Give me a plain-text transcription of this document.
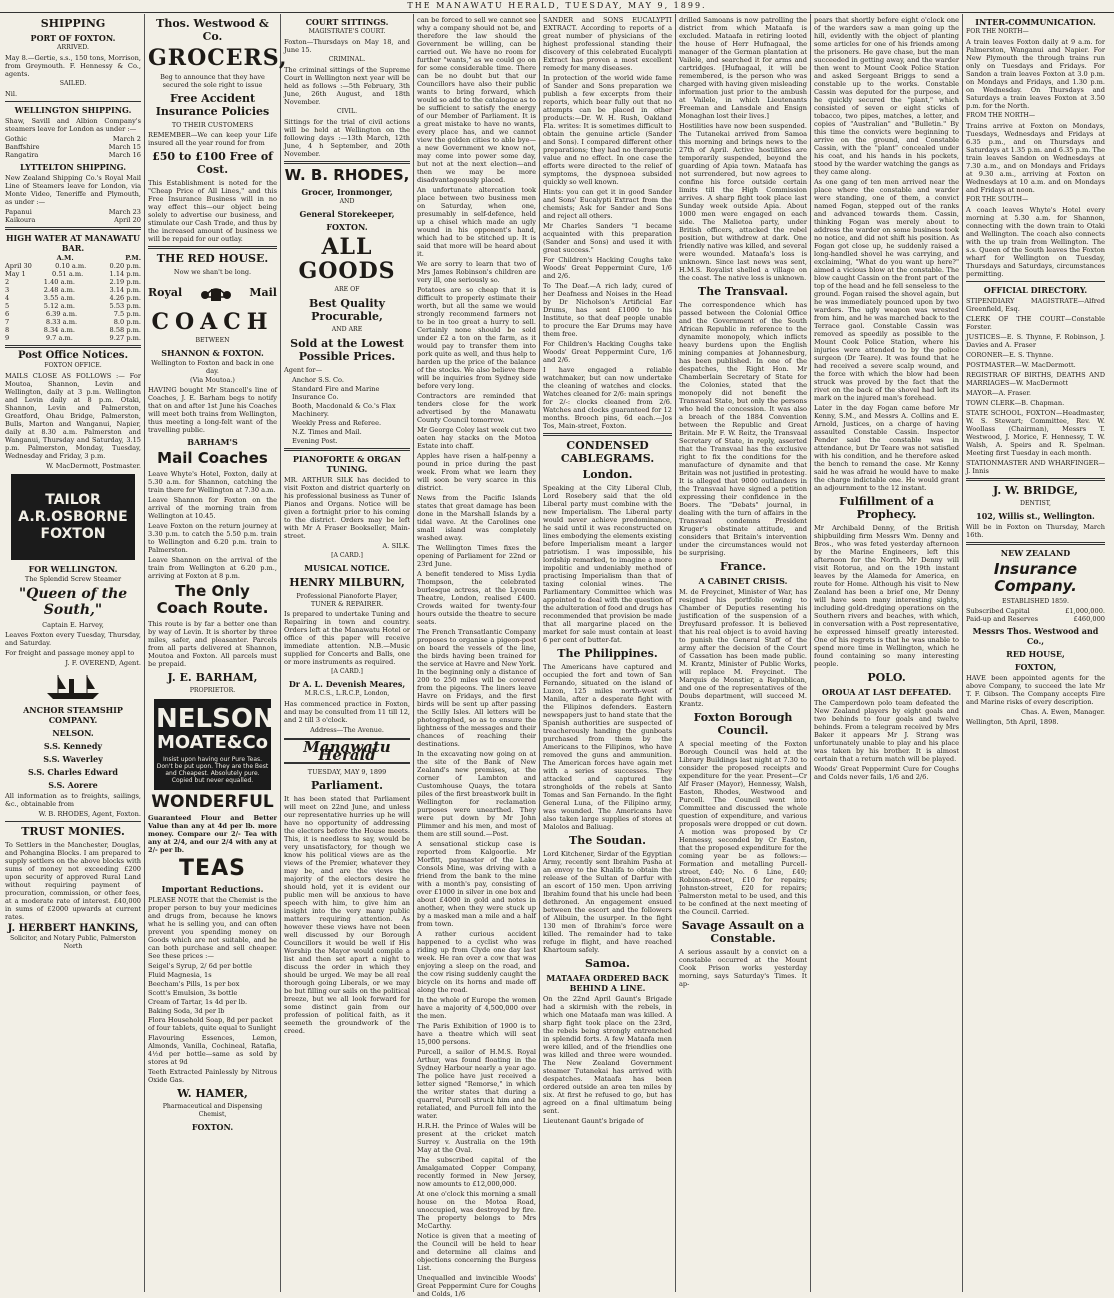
THE MANAWATU HERALD, TUESDAY, MAY 9, 1899.
SHIPPING
PORT OF FOXTON.
ARRIVED.
May 8.—Gertie, s.s., 150 tons, Morrison, from Greymouth. F. Hennessy & Co., agents.
SAILED.
Nil.
WELLINGTON SHIPPING.
Shaw, Savill and Albion Company's steamers leave for London as under :—
Gothic	March 2
Banffshire	March 15
Rangatira	March 16
LYTTELTON SHIPPING.
New Zealand Shipping Co.'s Royal Mail Line of Steamers leave for London, via Monte Video, Teneriffe and Plymouth, as under :—
Papanui	March 23
Kaikoura	April 20
HIGH WATER AT MANAWATU BAR.
A.M.	P.M.
April 30	0.10 a.m.	0.20 p.m.
May 1	0.51 a.m.	1.14 p.m.
2	1.40 a.m.	2.19 p.m.
3	2.48 a.m.	3.14 p.m.
4	3.55 a.m.	4.26 p.m.
5	5.12 a.m.	5.53 p.m.
6	6.39 a.m.	7.5 p.m.
7	8.33 a.m.	8.0 p.m.
8	8.34 a.m.	8.58 p.m.
9	9.7 a.m.	9.27 p.m.
Post Office Notices.
FOXTON OFFICE.
MAILS CLOSE AS FOLLOWS :— For Moutoa, Shannon, Levin and Wellington, daily at 3 p.m. Wellington and Levin daily at 8 p.m. Otaki, Shannon, Levin and Palmerston, Greatford, Ohau Bridge, Palmerston, Bulls, Marton and Wanganui, Napier, daily at 8.30 a.m. Palmerston and Wanganui, Thursday and Saturday, 3.15 p.m. Palmerston, Monday, Tuesday, Wednesday and Friday, 3 p.m.
W. MacDermott, Postmaster.
TAILOR
A.R.OSBORNE
FOXTON
FOR WELLINGTON.
The Splendid Screw Steamer
"Queen of the South,"
Captain E. Harvey,
Leaves Foxton every Tuesday, Thursday, and Saturday.
For freight and passage money appl to
J. F. OVEREND, Agent.
ANCHOR STEAMSHIP COMPANY.
NELSON.
S.S. Kennedy
S.S. Waverley
S.S. Charles Edward
S.S. Aorere
All information as to freights, sailings, &c., obtainable from
W. B. RHODES, Agent, Foxton.
TRUST MONIES.
To Settlers in the Manchester, Douglas, and Pohangina Blocks. I am prepared to supply settlers on the above blocks with sums of money not exceeding £200 upon security of approved Rural Land without requiring payment of procuration, commission, or other fees, at a moderate rate of interest. £40,000 in sums of £2000 upwards at current rates.
J. HERBERT HANKINS,
Solicitor, and Notary Public, Palmerston North
Thos. Westwood & Co.
GROCERS,
Beg to announce that they have secured the sole right to issue
Free Accident Insurance Policies
TO THEIR CUSTOMERS
REMEMBER—We can keep your Life insured all the year round for from
£50 to £100 Free of Cost.
This Establishment is noted for the "Cheap Price of All Lines," and this Free Insurance Business will in no way effect this—our object being solely to advertise our business, and stimulate our Cash Trade, and thus by the increased amount of business we will be repaid for our outlay.
THE RED HOUSE.
Now we shan't be long.
Royal	Mail
COACH
BETWEEN
SHANNON & FOXTON.
Wellington to Foxton and back in one day.
(Via Moutoa.)
HAVING bought Mr Stancell's line of Coaches, J. E. Barham begs to notify that on and after 1st June his Coaches will meet both trains from Wellington, thus meeting a long-felt want of the travelling public.
BARHAM'S
Mail Coaches
Leave Whyte's Hotel, Foxton, daily at 5.30 a.m. for Shannon, catching the train there for Wellington at 7.30 a.m.
Leave Shannon for Foxton on the arrival of the morning train from Wellington at 10.45.
Leave Foxton on the return journey at 3.30 p.m. to catch the 5.50 p.m. train to Wellington and 6.20 p.m. train to Palmerston.
Leave Shannon on the arrival of the train from Wellington at 6.20 p.m., arriving at Foxton at 8 p.m.
The Only Coach Route.
This route is by far a better one than by way of Levin. It is shorter by three miles, safer, and pleasanter. Parcels from all parts delivered at Shannon, Moutoa and Foxton. All parcels must be prepaid.
J. E. BARHAM,
PROPRIETOR.
NELSON
MOATE&Co
Insist upon having our Pure Teas. Don't be put upon. They are the Best and Cheapest. Absolutely pure. Copied but never equalled.
WONDERFUL
Guaranteed Flour and Better Value than any at 4d per lb. more money. Compare our 2/- Tea with any at 2/4, and our 2/4 with any at 2/- per lb.
TEAS
Important Reductions.
PLEASE NOTE that the Chemist is the proper person to buy your medicines and drugs from, because he knows what he is selling you, and can often prevent you spending money on Goods which are not suitable, and he can both purchase and sell cheaper. See these prices :—
Seigel's Syrup, 2/ 6d per bottle
Fluid Magnesia, 1s
Beecham's Pills, 1s per box
Scott's Emulsion, 3s bottle
Cream of Tartar, 1s 4d per lb.
Baking Soda, 3d per lb
Flora Household Soap, 8d per packet of four tablets, quite equal to Sunlight
Flavouring Essences, Lemon, Almonds, Vanilla, Cochineal, Ratafia, 4½d per bottle—same as sold by stores at 9d
Teeth Extracted Painlessly by Nitrous Oxide Gas.
W. HAMER,
Pharmaceutical and Dispensing Chemist,
FOXTON.
COURT SITTINGS.
MAGISTRATE'S COURT.
Foxton—Thursdays on May 18, and June 15.
CRIMINAL.
The criminal sittings of the Supreme Court in Wellington next year will be held as follows :—5th February, 3th June, 26th August, and 18th November.
CIVIL.
Sittings for the trial of civil actions will be held at Wellington on the following days :—13th March, 12th June, 4 h September, and 20th November.
W. B. RHODES,
Grocer, Ironmonger,
AND
General Storekeeper,
FOXTON.
ALL GOODS
ARE OF
Best Quality Procurable,
AND ARE
Sold at the Lowest Possible Prices.
Agent for—
Anchor S.S. Co.
Standard Fire and Marine Insurance Co.
Booth, Macdonald & Co.'s Flax Machinery.
Weekly Press and Referee.
N.Z. Times and Mail.
Evening Post.
PIANOFORTE & ORGAN TUNING.
MR. ARTHUR SILK has decided to visit Foxton and district quarterly on his professional business as Tuner of Pianos and Organs. Notice will be given a fortnight prior to his coming to the district. Orders may be left with Mr A Fraser Bookseller, Main-street.
A. SILK.
[A CARD.]
MUSICAL NOTICE.
HENRY MILBURN,
Professional Pianoforte Player, TUNER & REPAIRER.
Is prepared to undertake Tuning and Repairing in town and country. Orders left at the Manawatu Hotel or office of this paper will receive immediate attention. N.B.—Music supplied for Concerts and Balls, one or more instruments as required.
[A CARD.]
Dr A. L. Devenish Meares,
M.R.C.S., L.R.C.P., London,
Has commenced practice in Foxton, and may be consulted from 11 till 12, and 2 till 3 o'clock.
Address—The Avenue.
Manawatu Herald
TUESDAY, MAY 9, 1899
Parliament.
It has been stated that Parliament will meet on 22nd June, and unless our representative hurries up he will have no opportunity of addressing the electors before the House meets. This, it is needless to say, would be very unsatisfactory, for though we know his political views are as the views of the Premier, whatever they may be, and are the views the majority of the electors desire he should hold, yet it is evident our public men will be anxious to have speech with him, to give him an insight into the very many public matters requiring attention. As however these views have not been well discussed by our Borough Councillors it would be well if His Worship the Mayor would compile a list and then set apart a night to discuss the order in which they should be urged. We may be all real thorough going Liberals, or we may be but filling our sails on the political breeze, but we all look forward for some distinct gain from our profession of political faith, as it seemeth the groundwork of the creed.
can be forced to sell we cannot see why a company should not be, and therefore the law should the Government be willing, can be carried out. We have no room for further "wants," as we could go on for some considerable time. There can be no doubt but that our Councillors have also their public wants to bring forward, which would so add to the catalogue as to be sufficient to satisfy the energy of our Member of Parliament. It is a great mistake to have no wants, every place has, and we cannot view the golden cities to able bye—a new Government we know not, may come into power some day, but not at the next election—and then we may be more disadvantageously placed.
An unfortunate altercation took place between two business men on Saturday, when one, presumably in self-defence, held up a chisel which made an ugly wound in his opponent's hand, which had to be stitched up. It is said that more will be heard about it.
We are sorry to learn that two of Mrs James Robinson's children are very ill, one seriously so.
Potatoes are so cheap that it is difficult to properly estimate their worth, but all the same we would strongly recommend farmers not to be in too great a hurry to sell. Certainly none should be sold under £2 a ton on the farm, as it would pay to transfer them into pork quite as well, and thus help to harden up the price of the balance of the stocks. We also believe there will be inquiries from Sydney side before very long.
Contractors are reminded that tenders close for the work advertised by the Manawatu County Council tomorrow.
Mr George Coley last week cut two oaten hay stacks on the Motoa Estate into chaff.
Apples have risen a half-penny a pound in price during the past week. From what we learn they will soon be very scarce in this district.
News from the Pacific Islands states that great damage has been done in the Marshall Islands by a tidal wave. At the Carolines one small island was completely washed away.
The Wellington Times fixes the opening of Parliament for 22nd or 23rd June.
A benefit tendered to Miss Lydia Thompson, the celebrated burlesque actress, at the Lyceum Theatre, London, realised £400. Crowds waited for twenty-four hours outside the theatre to secure seats.
The French Transatlantic Company proposes to organise a pigeon-post on board the vessels of the line, the birds having been trained for the service at Havre and New York. In the beginning only a distance of 200 to 250 miles will be covered from the pigeons. The liners leave Havre on Fridays, and the first birds will be sent up after passing the Scilly Isles. All letters will be photographed, so as to ensure the lightness of the messages and their chances of reaching their destinations.
In the excavating now going on at the site of the Bank of New Zealand's new premises, at the corner of Lambton and Customhouse Quays, the totara piles of the first breastwork built in Wellington for reclamation purposes were unearthed. They were put down by Mr John Plimmer and his men, and most of them are still sound.—Post.
A sensational stickup case is reported from Kalgoorlie. Mr Morfitt, paymaster of the Lake Consols Mine, was driving with a friend from the bank to the mine with a month's pay, consisting of over £1000 in silver in one box and about £4000 in gold and notes in another, when they were stuck up by a masked man a mile and a half from town.
A rather curious accident happened to a cyclist who was riding up from Clyde one day last week. He ran over a cow that was enjoying a sleep on the road, and the cow rising suddenly caught the bicycle on its horns and made off along the road.
In the whole of Europe the women have a majority of 4,500,000 over the men.
The Paris Exhibition of 1900 is to have a theatre which will seat 15,000 persons.
Purcell, a sailor of H.M.S. Royal Arthur, was found floating in the Sydney Harbour nearly a year ago. The police have just received a letter signed "Remorse," in which the writer states that during a quarrel, Purcell struck him and he retaliated, and Purcell fell into the water.
H.R.H. the Prince of Wales will be present at the cricket match Surrey v. Australia on the 19th May at the Oval.
The subscribed capital of the Amalgamated Copper Company, recently formed in New Jersey, now amounts to £12,000,000.
At one o'clock this morning a small house on the Motoa Road, unoccupied, was destroyed by fire. The property belongs to Mrs McCarthy.
Notice is given that a meeting of the Council will be held to hear and determine all claims and objections concerning the Burgess List.
Unequalled and invincible Woods' Great Peppermint Cure for Coughs and Colds, 1/6
SANDER and SONS EUCALYPTI EXTRACT. According to reports of a great number of physicians of the highest professional standing their discovery of this celebrated Eucalypti Extract has proven a most excellent remedy for many diseases.
In protection of the world wide fame of Sander and Sons preparation we publish a few excerpts from their reports, which bear fully out that no attempts can be placed in other products:—Dr. W. H. Rush, Oakland Fla. writes: It is sometimes difficult to obtain the genuine article (Sander and Sons). I compared different other preparations; they had no therapeutic value and no effect. In one case the efforts were directed to the relief of symptoms, the dyspnoea subsided quickly so well known.
Hints: you can get it in good Sander and Sons' Eucalypti Extract from the chemists; Ask for Sander and Sons and reject all others.
Mr Charles Sanders "I became acquainted with this preparation (Sander and Sons) and used it with great success."
For Children's Hacking Coughs take Woods' Great Peppermint Cure, 1/6 and 2/6.
To The Deaf.—A rich lady, cured of her Deafness and Noises in the Head by Dr Nicholson's Artificial Ear Drums, has sent £1000 to his Institute, so that deaf people unable to procure the Ear Drums may have them free.
For Children's Hacking Coughs take Woods' Great Peppermint Cure, 1/6 and 2/6.
I have engaged a reliable watchmaker, but can now undertake the cleaning of watches and clocks. Watches cleaned for 2/6: main springs for 2/-: clocks cleaned from 2/6. Watches and clocks guaranteed for 12 months. Brooch pins, 6d each.—Jos Tos, Main-street, Foxton.
CONDENSED CABLEGRAMS.
London.
Speaking at the City Liberal Club, Lord Rosebery said that the old Liberal party must combine with the new Imperialism. The Liberal party would never achieve predominance, he said until it was reconstructed on lines embodying the elements existing before Imperialism meant a larger patriotism. I was impossible, his lordship remarked, to imagine a more impolitic and undeniably method of practising Imperialism than that of taxing colonial wines. The Parliamentary Committee which was appointed to deal with the question of the adulteration of food and drugs has recommended that provision be made that all margarine placed on the market for sale must contain at least 6 per cent of butter-fat.
The Philippines.
The Americans have captured and occupied the fort and town of San Fernando, situated on the island of Luzon, 125 miles north-west of Manila, after a desperate fight with the Filipinos defenders. Eastern newspapers just to hand state that the Spanish authorities are suspected of treacherously handing the gunboats purchased from them by the Americans to the Filipinos, who have removed the guns and ammunition. The American forces have again met with a series of successes. They attacked and captured the strongholds of the rebels at Santo Tomas and San Fernando. In the fight General Luna, of the Filipino army, was wounded. The Americans have also taken large supplies of stores at Malolos and Baliuag.
The Soudan.
Lord Kitchener, Sirdar of the Egyptian Army, recently sent Ibrahim Pasha at an envoy to the Khalifa to obtain the release of the Sultan of Darfur with an escort of 150 men. Upon arriving Ibrahim found that his uncle had been dethroned. An engagement ensued between the escort and the followers of Alibuin, the usurper. In the fight 130 men of Ibrahim's force were killed. The remainder had to take refuge in flight, and have reached Khartoum safely.
Samoa.
MATAAFA ORDERED BACK BEHIND A LINE.
On the 22nd April Gaunt's Brigade had a skirmish with the rebels, in which one Mataafa man was killed. A sharp fight took place on the 23rd, the rebels being strongly entrenched in splendid forts. A few Mataafa men were killed, and of the friendlies one was killed and three were wounded. The New Zealand Government steamer Tutanekai has arrived with despatches. Mataafa has been ordered outside an area ten miles by six. At first he refused to go, but has agreed on a final ultimatum being sent.
Lieutenant Gaunt's brigade of
drilled Samoans is now patrolling the district from which Mataafa is excluded. Mataafa in retiring looted the house of Herr Hufnagaal, the manager of the German plantation at Vailele, and searched it for arms and cartridges. [Hufnagaal, it will be remembered, is the person who was charged with having given misleading information just prior to the ambush at Vailele, in which Lieutenants Freeman and Lansdale and Ensign Monaghan lost their lives.]
Hostilities have now been suspended. The Tutanekai arrived from Samoa this morning and brings news to the 27th of April. Active hostilities are temporarily suspended, beyond the guarding of Apia town. Mataafa has not surrendered, but now agrees to confine his force outside certain limits till the High Commission arrives. A sharp fight took place last Sunday week outside Apia. About 1000 men were engaged on each side. The Malietoa party, under British officers, attacked the rebel position, but withdrew at dark. One friendly native was killed, and several were wounded. Mataafa's loss is unknown. Since last news was sent, H.M.S. Royalist shelled a village on the coast. The native loss is unknown.
The Transvaal.
The correspondence which has passed between the Colonial Office and the Government of the South African Republic in reference to the dynamite monopoly, which inflicts heavy burdens upon the English mining companies at Johannesburg, has been published. In one of the despatches, the Right Hon. Mr Chamberlain Secretary of State for the Colonies, stated that the monopoly did not benefit the Transvaal State, but only the persons who held the concession. It was also a breach of the 1884 Convention between the Republic and Great Britain. Mr F. W. Reitz, the Transvaal Secretary of State, in reply, asserted that the Transvaal has the exclusive right to fix the conditions for the manufacture of dynamite and that Britain was not justified in protesting. It is alleged that 9000 outlanders in the Transvaal have signed a petition expressing their confidence in the Boers. The "Debats" journal, in dealing with the turn of affairs in the Transvaal condemns President Kruger's obstinate attitude, and considers that Britain's intervention under the circumstances would not be surprising.
France.
A CABINET CRISIS.
M. de Freycinet, Minister of War, has resigned his portfolio owing to Chamber of Deputies resenting his justification of the suspension of a Dreyfusard professor. It is believed that his real object is to avoid having to punish the General Staff of the army after the decision of the Court of Cassation has been made public. M. Krantz, Minister of Public Works, will replace M. Freycinet. The Marquis de Monstier, a Republican, and one of the representatives of the Doubs department, will succeed M. Krantz.
Foxton Borough Council.
A special meeting of the Foxton Borough Council was held at the Library Buildings last night at 7.30 to consider the proposed receipts and expenditure for the year. Present—Cr Alf Fraser (Mayor), Hennessy, Walsh, Easton, Rhodes, Westwood and Purcell. The Council went into Committee and discussed the whole question of expenditure, and various proposals were dropped or cut down. A motion was proposed by Cr Hennessy, seconded by Cr Easton, that the proposed expenditure for the coming year be as follows:—Formation and metalling Purcell-street, £40; No. 6 Line, £40; Robinson-street, £10 for repairs; Johnston-street, £20 for repairs; Palmerston metal to be used, and this to be confined at the next meeting of the Council. Carried.
Savage Assault on a Constable.
A serious assault by a convict on a constable occurred at the Mount Cook Prison works yesterday morning, says Saturday's Times. It ap-
pears that shortly before eight o'clock one of the warders saw a man going up the hill, evidently with the object of planting some articles for one of his friends among the prisoners. He gave chase, but the man succeeded in getting away, and the warder then went to Mount Cook Police Station and asked Sergeant Briggs to send a constable up to the works. Constable Cassin was deputed for the purpose, and he quickly secured the "plant," which consisted of seven or eight sticks of tobacco, two pipes, matches, a letter, and copies of "Australian" and "Bulletin." By this time the convicts were beginning to arrive on the ground, and Constable Cassin, with the "plant" concealed under his coat, and his hands in his pockets, stood by the warder watching the gangs as they came along.
As one gang of ten men arrived near the place where the constable and warder were standing, one of them, a convict named Fogan, stepped out of the ranks and advanced towards them. Cassin, thinking Fogan was merely about to address the warder on some business took no notice, and did not shift his position. As Fogan got close up, he suddenly raised a long-handled shovel he was carrying, and exclaiming, "What do you want up here?" aimed a vicious blow at the constable. The blow caught Cassin on the front part of the top of the head and he fell senseless to the ground. Fogan raised the shovel again, but he was immediately pounced upon by two warders. The ugly weapon was wrested from him, and he was marched back to the Terrace gaol. Constable Cassin was removed as speedily as possible to the Mount Cook Police Station, where his injuries were attended to by the police surgeon (Dr Teare). It was found that he had received a severe scalp wound, and the force with which the blow had been struck was proved by the fact that the rivet on the back of the shovel had left its mark on the injured man's forehead.
Later in the day Fogan came before Mr Kenny, S.M., and Messrs A. Collins and E. Arnold, Justices, on a charge of having assaulted Constable Cassin. Inspector Pender said the constable was in attendance, but Dr Teare was not satisfied with his condition, and he therefore asked the bench to remand the case. Mr Kenny said he was afraid he would have to make the charge indictable one. He would grant an adjournment to the 12 instant.
Fulfillment of a Prophecy.
Mr Archibald Denny, of the British shipbuilding firm Messrs Wm. Denny and Bros., who was feted yesterday afternoon by the Marine Engineers, left this afternoon for the North. Mr Denny will visit Rotorua, and on the 19th instant leaves by the Alameda for America, en route for Home. Although his visit to New Zealand has been a brief one, Mr Denny will have seen many interesting sights, including gold-dredging operations on the Southern rivers and beaches, with which, in conversation with a Post representative, he expressed himself greatly interested. One of his regrets is that he was unable to spend more time in Wellington, which he found containing so many interesting people.
POLO.
OROUA AT LAST DEFEATED.
The Camperdown polo team defeated the New Zealand players by eight goals and two behinds to four goals and twelve behinds. From a telegram received by Mrs Baker it appears Mr J. Strang was unfortunately unable to play and his place was taken by his brother. It is almost certain that a return match will be played.
Woods' Great Peppermint Cure for Coughs and Colds never fails, 1/6 and 2/6.
INTER-COMMUNICATION.
FOR THE NORTH—
A train leaves Foxton daily at 9 a.m. for Palmerston, Wanganui and Napier. For New Plymouth the through trains run only on Tuesdays and Fridays. For Sandon a train leaves Foxton at 3.0 p.m. on Mondays and Fridays, and 1.30 p.m. on Wednesday. On Thursdays and Saturdays a train leaves Foxton at 3.50 p.m. for the North.
FROM THE NORTH—
Trains arrive at Foxton on Mondays, Tuesdays, Wednesdays and Fridays at 6.35 p.m., and on Thursdays and Saturdays at 1.35 p.m. and 6.35 p.m. The train leaves Sandon on Wednesdays at 7.30 a.m., and on Mondays and Fridays at 9.30 a.m., arriving at Foxton on Wednesdays at 10 a.m. and on Mondays and Fridays at noon.
FOR THE SOUTH—
A coach leaves Whyte's Hotel every morning at 5.30 a.m. for Shannon, connecting with the down train to Otaki and Wellington. The coach also connects with the up train from Wellington. The s.s. Queen of the South leaves the Foxton wharf for Wellington on Tuesday, Thursdays and Saturdays, circumstances permitting.
OFFICIAL DIRECTORY.
STIPENDIARY MAGISTRATE—Alfred Greenfield, Esq.
CLERK OF THE COURT—Constable Forster.
JUSTICES—E. S. Thynne, F. Robinson, J. Davies and A. Fraser
CORONER—E. S. Thynne.
POSTMASTER—W. MacDermott.
REGISTRAR OF BIRTHS, DEATHS AND MARRIAGES—W. MacDermott
MAYOR—A. Fraser.
TOWN CLERK—B. Chapman.
STATE SCHOOL, FOXTON—Headmaster, W. S. Stewart; Committee, Rev. W. Woollass (Chairman), Messrs T. Westwood, J. Morice, F. Hennessy, T. W. Walsh, A. Speirs and R. Spelman. Meeting first Tuesday in each month.
STATIONMASTER AND WHARFINGER—J. Innis
J. W. BRIDGE,
DENTIST,
102, Willis st., Wellington.
Will be in Foxton on Thursday, March 16th.
NEW ZEALAND
Insurance Company.
ESTABLISHED 1859.
Subscribed Capital	£1,000,000.
Paid-up and Reserves	£460,000
Messrs Thos. Westwood and Co.,
RED HOUSE,
FOXTON,
HAVE been appointed agents for the above Company, to succeed the late Mr T. F. Gibson. The Company accepts Fire and Marine risks of every description.
Chas. A. Ewen, Manager.
Wellington, 5th April, 1898.
